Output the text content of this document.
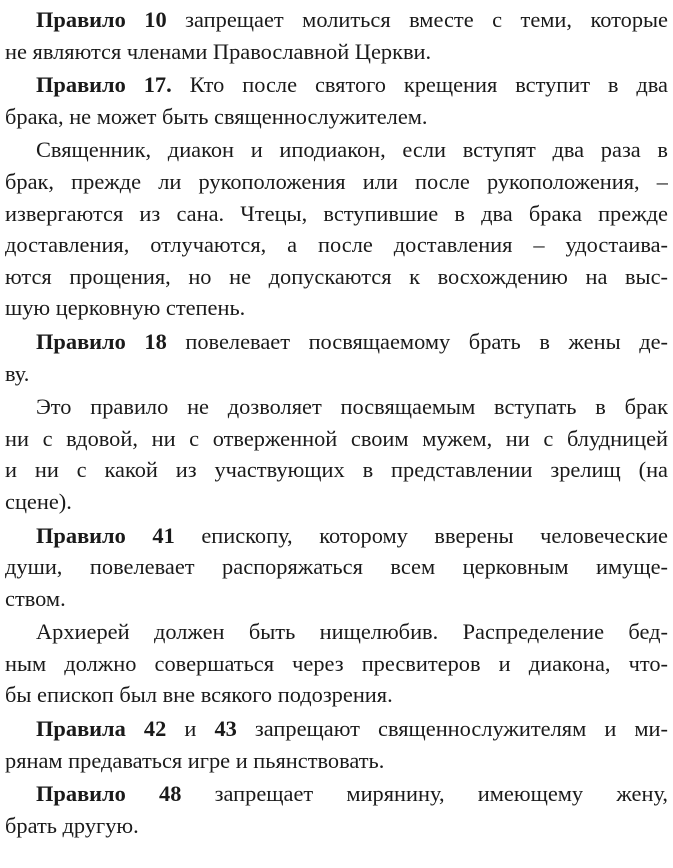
Правило 10 запрещает молиться вместе с теми, которые
не являются членами Православной Церкви.
Правило 17. Кто после святого крещения вступит в два
брака, не может быть священнослужителем.
Священник, диакон и иподиакон, если вступят два раза в
брак, прежде ли рукоположения или после рукоположения, –
извергаются из сана. Чтецы, вступившие в два брака прежде
доставления, отлучаются, а после доставления – удостаива-
ются прощения, но не допускаются к восхождению на выс-
шую церковную степень.
Правило 18 повелевает посвящаемому брать в жены де-
ву.
Это правило не дозволяет посвящаемым вступать в брак
ни с вдовой, ни с отверженной своим мужем, ни с блудницей
и ни с какой из участвующих в представлении зрелищ (на
сцене).
Правило 41 епископу, которому вверены человеческие
души, повелевает распоряжаться всем церковным имуще-
ством.
Архиерей должен быть нищелюбив. Распределение бед-
ным должно совершаться через пресвитеров и диакона, что-
бы епископ был вне всякого подозрения.
Правила 42 и 43 запрещают священнослужителям и ми-
рянам предаваться игре и пьянствовать.
Правило 48 запрещает мирянину, имеющему жену,
брать другую.
